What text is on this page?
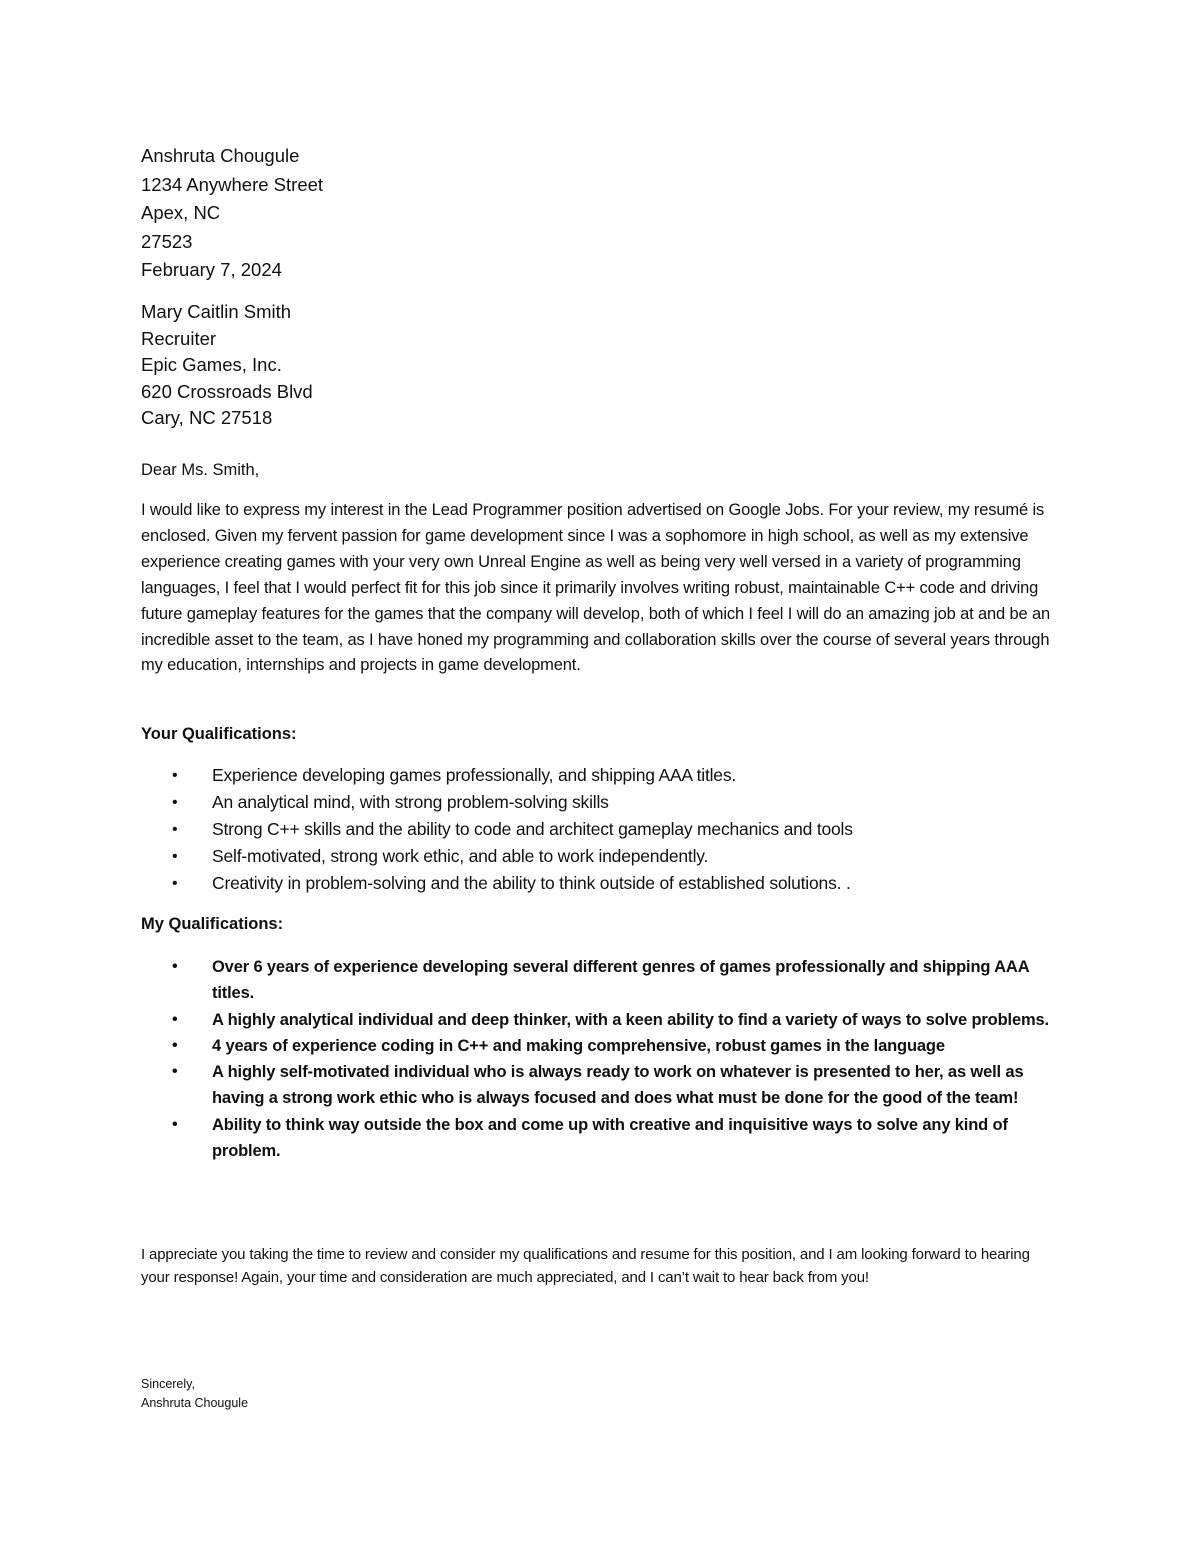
Anshruta Chougule
1234 Anywhere Street
Apex, NC
27523
February 7, 2024
Mary Caitlin Smith
Recruiter
Epic Games, Inc.
620 Crossroads Blvd
Cary, NC 27518
Dear Ms. Smith,
I would like to express my interest in the Lead Programmer position advertised on Google Jobs. For your review, my resumé is enclosed. Given my fervent passion for game development since I was a sophomore in high school, as well as my extensive experience creating games with your very own Unreal Engine as well as being very well versed in a variety of programming languages, I feel that I would perfect fit for this job since it primarily involves writing robust, maintainable C++ code and driving future gameplay features for the games that the company will develop, both of which I feel I will do an amazing job at and be an incredible asset to the team, as I have honed my programming and collaboration skills over the course of several years through my education, internships and projects in game development.
Your Qualifications:
• Experience developing games professionally, and shipping AAA titles.
• An analytical mind, with strong problem-solving skills
• Strong C++ skills and the ability to code and architect gameplay mechanics and tools
• Self-motivated, strong work ethic, and able to work independently.
• Creativity in problem-solving and the ability to think outside of established solutions. .
My Qualifications:
• Over 6 years of experience developing several different genres of games professionally and shipping AAA titles.
• A highly analytical individual and deep thinker, with a keen ability to find a variety of ways to solve problems.
• 4 years of experience coding in C++ and making comprehensive, robust games in the language
• A highly self-motivated individual who is always ready to work on whatever is presented to her, as well as having a strong work ethic who is always focused and does what must be done for the good of the team!
• Ability to think way outside the box and come up with creative and inquisitive ways to solve any kind of problem.
I appreciate you taking the time to review and consider my qualifications and resume for this position, and I am looking forward to hearing your response! Again, your time and consideration are much appreciated, and I can’t wait to hear back from you!
Sincerely,
Anshruta Chougule
